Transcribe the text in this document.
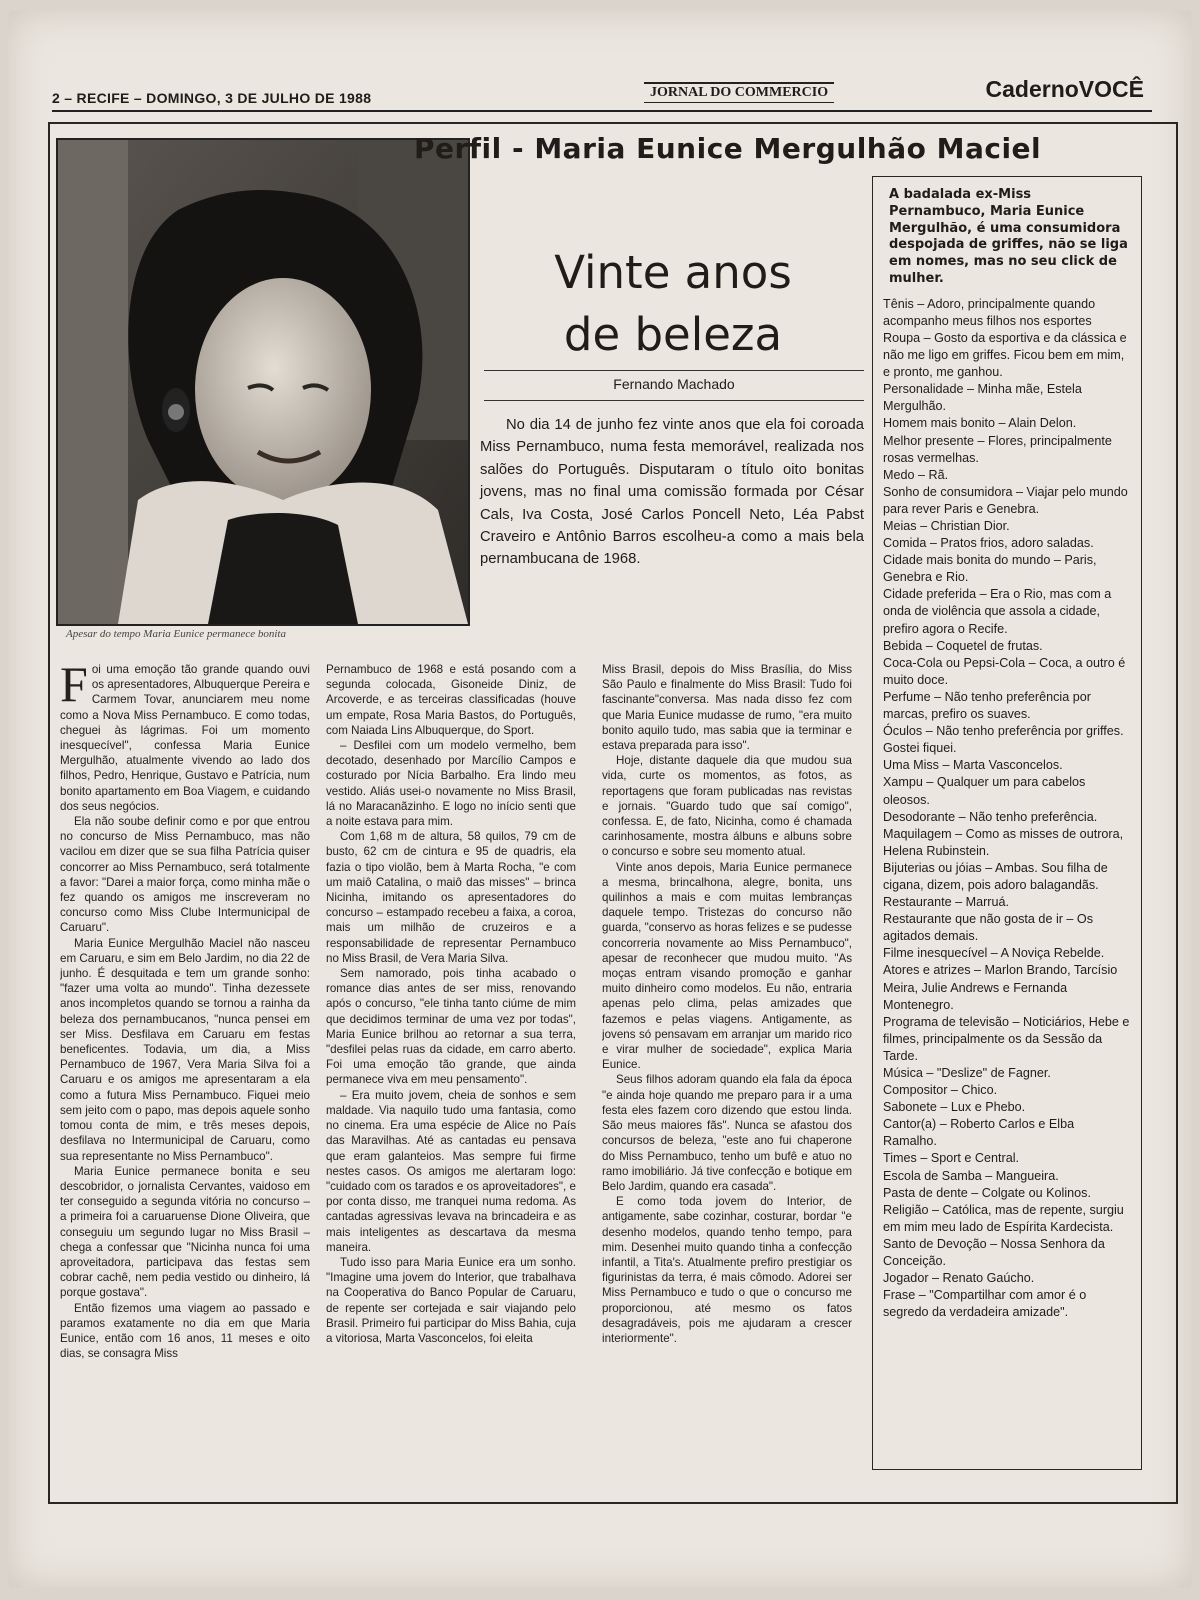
2 – RECIFE – DOMINGO, 3 DE JULHO DE 1988	JORNAL DO COMMERCIO	CadernoVOCÊ
Apesar do tempo Maria Eunice permanece bonita
Perfil - Maria Eunice Mergulhão Maciel
Vinte anos
de beleza
Fernando Machado

No dia 14 de junho fez vinte anos que ela foi coroada Miss Pernambuco, numa festa memorável, realizada nos salões do Português. Disputaram o título oito bonitas jovens, mas no final uma comissão formada por César Cals, Iva Costa, José Carlos Poncell Neto, Léa Pabst Craveiro e Antônio Barros escolheu-a como a mais bela pernambucana de 1968.

Foi uma emoção tão grande quando ouvi os apresentadores, Albuquerque Pereira e Carmem Tovar, anunciarem meu nome como a Nova Miss Pernambuco. E como todas, cheguei às lágrimas. Foi um momento inesquecível", confessa Maria Eunice Mergulhão, atualmente vivendo ao lado dos filhos, Pedro, Henrique, Gustavo e Patrícia, num bonito apartamento em Boa Viagem, e cuidando dos seus negócios.

Ela não soube definir como e por que entrou no concurso de Miss Pernambuco, mas não vacilou em dizer que se sua filha Patrícia quiser concorrer ao Miss Pernambuco, será totalmente a favor: "Darei a maior força, como minha mãe o fez quando os amigos me inscreveram no concurso como Miss Clube Intermunicipal de Caruaru".

Maria Eunice Mergulhão Maciel não nasceu em Caruaru, e sim em Belo Jardim, no dia 22 de junho. É desquitada e tem um grande sonho: "fazer uma volta ao mundo". Tinha dezessete anos incompletos quando se tornou a rainha da beleza dos pernambucanos, "nunca pensei em ser Miss. Desfilava em Caruaru em festas beneficentes. Todavia, um dia, a Miss Pernambuco de 1967, Vera Maria Silva foi a Caruaru e os amigos me apresentaram a ela como a futura Miss Pernambuco. Fiquei meio sem jeito com o papo, mas depois aquele sonho tomou conta de mim, e três meses depois, desfilava no Intermunicipal de Caruaru, como sua representante no Miss Pernambuco".

Maria Eunice permanece bonita e seu descobridor, o jornalista Cervantes, vaidoso em ter conseguido a segunda vitória no concurso – a primeira foi a caruaruense Dione Oliveira, que conseguiu um segundo lugar no Miss Brasil – chega a confessar que "Nicinha nunca foi uma aproveitadora, participava das festas sem cobrar cachê, nem pedia vestido ou dinheiro, lá porque gostava".

Então fizemos uma viagem ao passado e paramos exatamente no dia em que Maria Eunice, então com 16 anos, 11 meses e oito dias, se consagra Miss

Pernambuco de 1968 e está posando com a segunda colocada, Gisoneide Diniz, de Arcoverde, e as terceiras classificadas (houve um empate, Rosa Maria Bastos, do Português, com Naiada Lins Albuquerque, do Sport.

– Desfilei com um modelo vermelho, bem decotado, desenhado por Marcílio Campos e costurado por Nícia Barbalho. Era lindo meu vestido. Aliás usei-o novamente no Miss Brasil, lá no Maracanãzinho. E logo no início senti que a noite estava para mim.

Com 1,68 m de altura, 58 quilos, 79 cm de busto, 62 cm de cintura e 95 de quadris, ela fazia o tipo violão, bem à Marta Rocha, "e com um maiô Catalina, o maiô das misses" – brinca Nicinha, imitando os apresentadores do concurso – estampado recebeu a faixa, a coroa, mais um milhão de cruzeiros e a responsabilidade de representar Pernambuco no Miss Brasil, de Vera Maria Silva.

Sem namorado, pois tinha acabado o romance dias antes de ser miss, renovando após o concurso, "ele tinha tanto ciúme de mim que decidimos terminar de uma vez por todas", Maria Eunice brilhou ao retornar a sua terra, "desfilei pelas ruas da cidade, em carro aberto. Foi uma emoção tão grande, que ainda permanece viva em meu pensamento".

– Era muito jovem, cheia de sonhos e sem maldade. Via naquilo tudo uma fantasia, como no cinema. Era uma espécie de Alice no País das Maravilhas. Até as cantadas eu pensava que eram galanteios. Mas sempre fui firme nestes casos. Os amigos me alertaram logo: "cuidado com os tarados e os aproveitadores", e por conta disso, me tranquei numa redoma. As cantadas agressivas levava na brincadeira e as mais inteligentes as descartava da mesma maneira.

Tudo isso para Maria Eunice era um sonho. "Imagine uma jovem do Interior, que trabalhava na Cooperativa do Banco Popular de Caruaru, de repente ser cortejada e sair viajando pelo Brasil. Primeiro fui participar do Miss Bahia, cuja a vitoriosa, Marta Vasconcelos, foi eleita

Miss Brasil, depois do Miss Brasília, do Miss São Paulo e finalmente do Miss Brasil: Tudo foi fascinante"conversa. Mas nada disso fez com que Maria Eunice mudasse de rumo, "era muito bonito aquilo tudo, mas sabia que ia terminar e estava preparada para isso".

Hoje, distante daquele dia que mudou sua vida, curte os momentos, as fotos, as reportagens que foram publicadas nas revistas e jornais. "Guardo tudo que saí comigo", confessa. E, de fato, Nicinha, como é chamada carinhosamente, mostra álbuns e albuns sobre o concurso e sobre seu momento atual.

Vinte anos depois, Maria Eunice permanece a mesma, brincalhona, alegre, bonita, uns quilinhos a mais e com muitas lembranças daquele tempo. Tristezas do concurso não guarda, "conservo as horas felizes e se pudesse concorreria novamente ao Miss Pernambuco", apesar de reconhecer que mudou muito. "As moças entram visando promoção e ganhar muito dinheiro como modelos. Eu não, entraria apenas pelo clima, pelas amizades que fazemos e pelas viagens. Antigamente, as jovens só pensavam em arranjar um marido rico e virar mulher de sociedade", explica Maria Eunice.

Seus filhos adoram quando ela fala da época "e ainda hoje quando me preparo para ir a uma festa eles fazem coro dizendo que estou linda. São meus maiores fãs". Nunca se afastou dos concursos de beleza, "este ano fui chaperone do Miss Pernambuco, tenho um bufê e atuo no ramo imobiliário. Já tive confecção e botique em Belo Jardim, quando era casada".

E como toda jovem do Interior, de antigamente, sabe cozinhar, costurar, bordar "e desenho modelos, quando tenho tempo, para mim. Desenhei muito quando tinha a confecção infantil, a Tita's. Atualmente prefiro prestigiar os figurinistas da terra, é mais cômodo. Adorei ser Miss Pernambuco e tudo o que o concurso me proporcionou, até mesmo os fatos desagradáveis, pois me ajudaram a crescer interiormente".

A badalada ex-Miss Pernambuco, Maria Eunice Mergulhão, é uma consumidora despojada de griffes, não se liga em nomes, mas no seu click de mulher.

Tênis – Adoro, principalmente quando acompanho meus filhos nos esportes

Roupa – Gosto da esportiva e da clássica e não me ligo em griffes. Ficou bem em mim, e pronto, me ganhou.

Personalidade – Minha mãe, Estela Mergulhão.

Homem mais bonito – Alain Delon.

Melhor presente – Flores, principalmente rosas vermelhas.

Medo – Rã.

Sonho de consumidora – Viajar pelo mundo para rever Paris e Genebra.

Meias – Christian Dior.

Comida – Pratos frios, adoro saladas.

Cidade mais bonita do mundo – Paris, Genebra e Rio.

Cidade preferida – Era o Rio, mas com a onda de violência que assola a cidade, prefiro agora o Recife.

Bebida – Coquetel de frutas.

Coca-Cola ou Pepsi-Cola – Coca, a outro é muito doce.

Perfume – Não tenho preferência por marcas, prefiro os suaves.

Óculos – Não tenho preferência por griffes. Gostei fiquei.

Uma Miss – Marta Vasconcelos.

Xampu – Qualquer um para cabelos oleosos.

Desodorante – Não tenho preferência.

Maquilagem – Como as misses de outrora, Helena Rubinstein.

Bijuterias ou jóias – Ambas. Sou filha de cigana, dizem, pois adoro balagandãs.

Restaurante – Marruá.

Restaurante que não gosta de ir – Os agitados demais.

Filme inesquecível – A Noviça Rebelde.

Atores e atrizes – Marlon Brando, Tarcísio Meira, Julie Andrews e Fernanda Montenegro.

Programa de televisão – Noticiários, Hebe e filmes, principalmente os da Sessão da Tarde.

Música – "Deslize" de Fagner.

Compositor – Chico.

Sabonete – Lux e Phebo.

Cantor(a) – Roberto Carlos e Elba Ramalho.

Times – Sport e Central.

Escola de Samba – Mangueira.

Pasta de dente – Colgate ou Kolinos.

Religião – Católica, mas de repente, surgiu em mim meu lado de Espírita Kardecista.

Santo de Devoção – Nossa Senhora da Conceição.

Jogador – Renato Gaúcho.

Frase – "Compartilhar com amor é o segredo da verdadeira amizade".
